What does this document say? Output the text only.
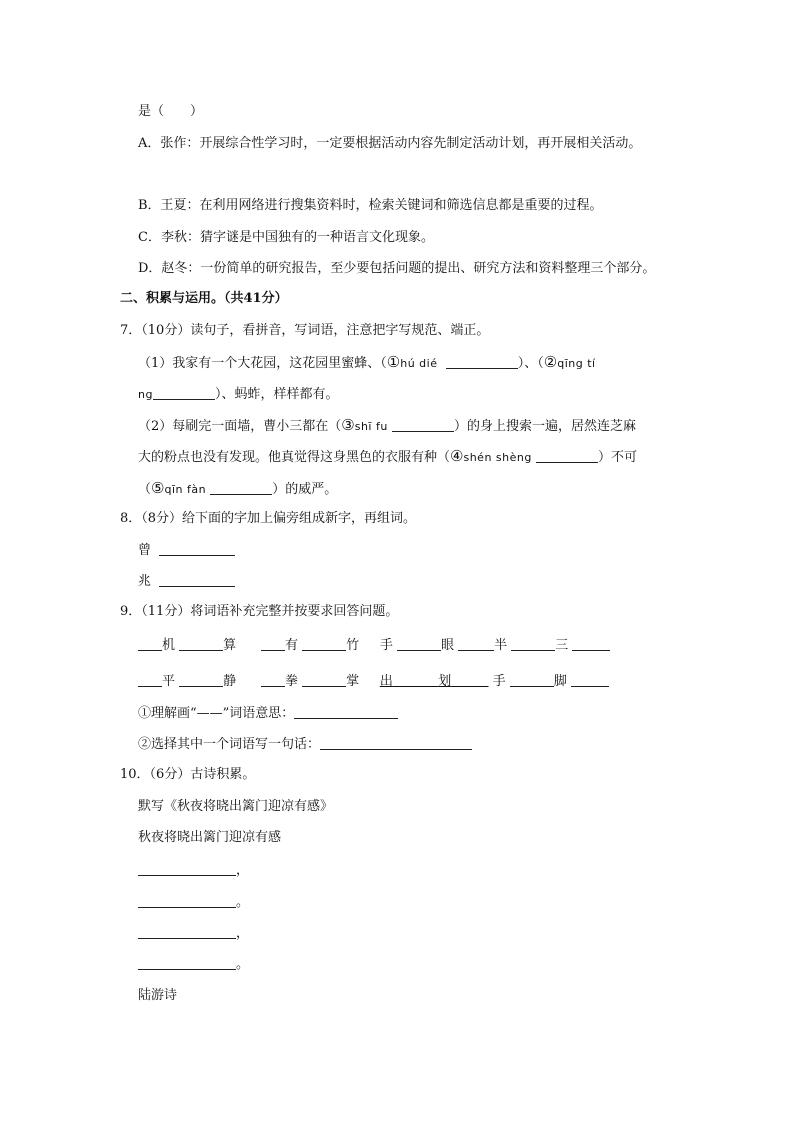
是（　　）
A．张作：开展综合性学习时，一定要根据活动内容先制定活动计划，再开展相关活动。
B．王夏：在利用网络进行搜集资料时，检索关键词和筛选信息都是重要的过程。
C．李秋：猜字谜是中国独有的一种语言文化现象。
D．赵冬：一份简单的研究报告，至少要包括问题的提出、研究方法和资料整理三个部分。
二、积累与运用。（共41分）
7．（10分）读句子，看拼音，写词语，注意把字写规范、端正。
（1）我家有一个大花园，这花园里蜜蜂、（①hú dié	）、（②qīng tí
ng	）、蚂蚱，样样都有。
（2）每刷完一面墙，曹小三都在（③shī fu	）的身上搜索一遍，居然连芝麻
大的粉点也没有发现。他真觉得这身黑色的衣服有种（④shén shèng	）不可
（⑤qīn fàn	）的威严。
8．（8分）给下面的字加上偏旁组成新字，再组词。
曾
兆
9．（11分）将词语补充完整并按要求回答问题。
机	算	有	竹 手	眼	半	三
平	静	拳	掌 出	划	手	脚
①理解画“——”词语意思：
②选择其中一个词语写一句话：
10．（6分）古诗积累。
默写《秋夜将晓出篱门迎凉有感》
秋夜将晓出篱门迎凉有感
，
。
，
。
陆游诗
